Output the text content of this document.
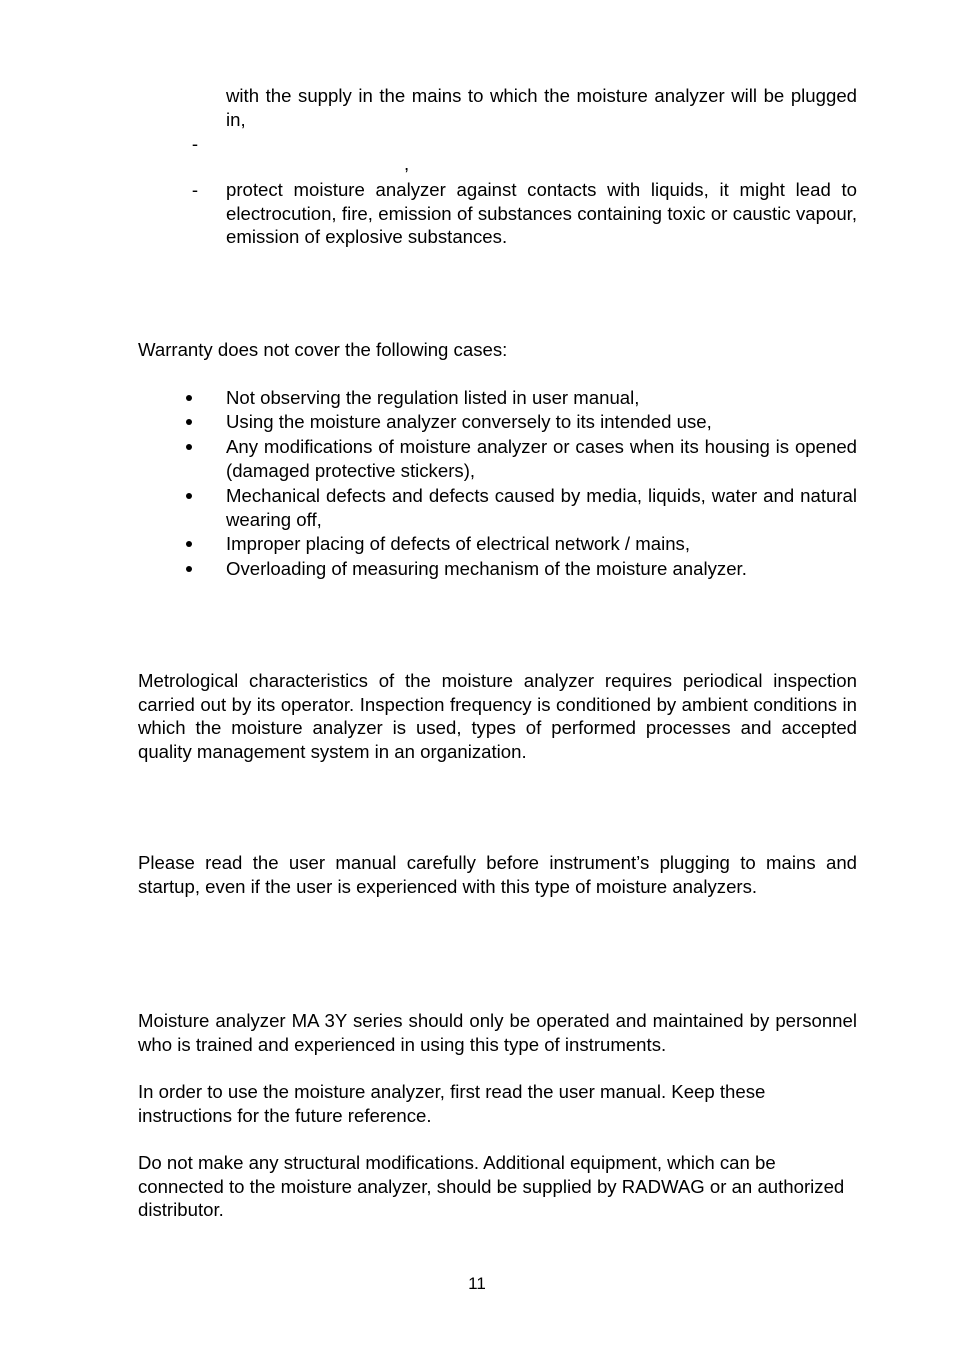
with the supply in the mains to which the moisture analyzer will be plugged in,
-
,
- protect moisture analyzer against contacts with liquids, it might lead to electrocution, fire, emission of substances containing toxic or caustic vapour, emission of explosive substances.
Warranty does not cover the following cases:
Not observing the regulation listed in user manual,
Using the moisture analyzer conversely to its intended use,
Any modifications of moisture analyzer or cases when its housing is opened (damaged protective stickers),
Mechanical defects and defects caused by media, liquids, water and natural wearing off,
Improper placing of defects of electrical network / mains,
Overloading of measuring mechanism of the moisture analyzer.
Metrological characteristics of the moisture analyzer requires periodical inspection carried out by its operator. Inspection frequency is conditioned by ambient conditions in which the moisture analyzer is used, types of performed processes and accepted quality management system in an organization.
Please read the user manual carefully before instrument’s plugging to mains and startup, even if the user is experienced with this type of moisture analyzers.
Moisture analyzer MA 3Y series should only be operated and maintained by personnel who is trained and experienced in using this type of instruments.
In order to use the moisture analyzer, first read the user manual. Keep these instructions for the future reference.
Do not make any structural modifications. Additional equipment, which can be connected to the moisture analyzer, should be supplied by RADWAG or an authorized distributor.
11
